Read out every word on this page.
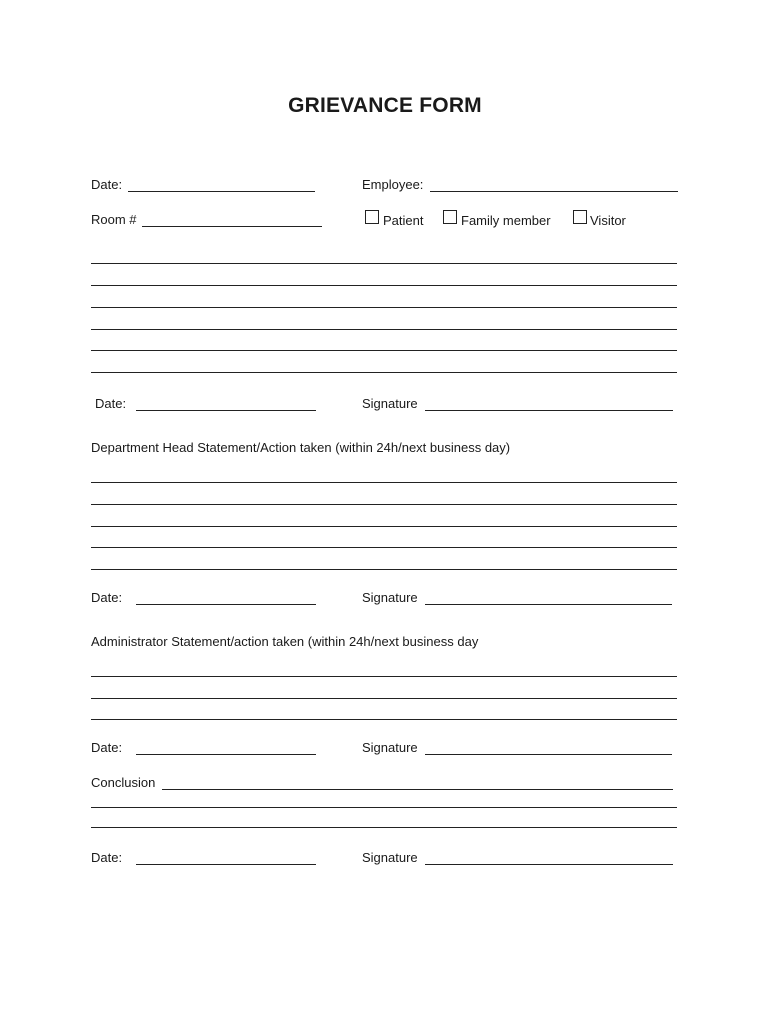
GRIEVANCE FORM
Date:	Employee:
Room #	Patient	Family member	Visitor
Date:	Signature
Department Head Statement/Action taken (within 24h/next business day)
Date:	Signature
Administrator Statement/action taken (within 24h/next business day
Date:	Signature
Conclusion
Date:	Signature
